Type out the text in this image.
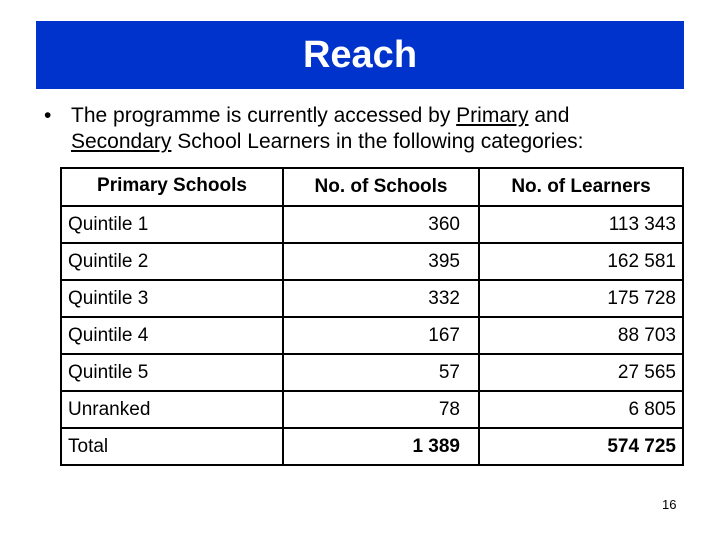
Reach
• The programme is currently accessed by Primary and
Secondary School Learners in the following categories:
Primary Schools	No. of Schools	No. of Learners
Quintile 1	360	113 343
Quintile 2	395	162 581
Quintile 3	332	175 728
Quintile 4	167	88 703
Quintile 5	57	27 565
Unranked	78	6 805
Total	1 389	574 725
16
